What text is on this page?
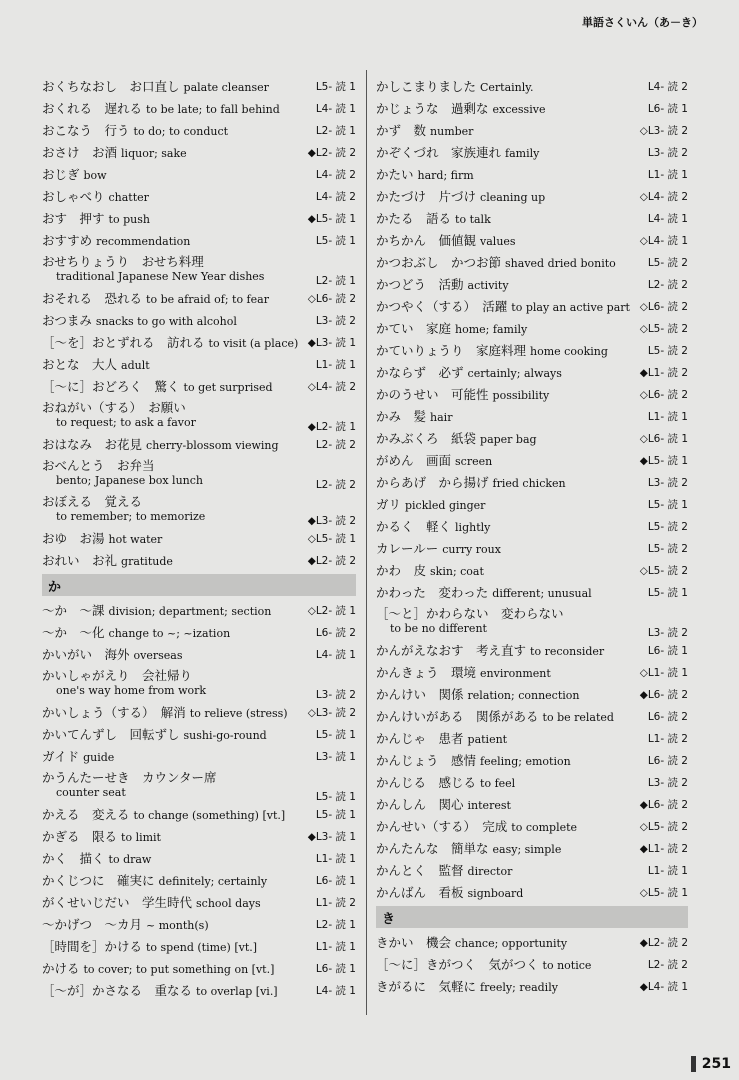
単語さくいん（あ－き）
おくちなおし　 お口直し palate cleanser	L5- 読 1
おくれる　 遅れる to be late; to fall behind	L4- 読 1
おこなう　 行う to do; to conduct	L2- 読 1
おさけ　 お酒 liquor; sake	◆L2- 読 2
おじぎ bow	L4- 読 2
おしゃべり chatter	L4- 読 2
おす　 押す to push	◆L5- 読 1
おすすめ recommendation	L5- 読 1
おせちりょうり　 おせち料理
traditional Japanese New Year dishes	L2- 読 1
おそれる　 恐れる to be afraid of; to fear	◇L6- 読 2
おつまみ snacks to go with alcohol	L3- 読 2
［～を］おとずれる　 訪れる to visit (a place) ◆L3- 読 1
おとな　 大人 adult	L1- 読 1
［～に］おどろく　 驚く to get surprised	◇L4- 読 2
おねがい（する）　 お願い
to request; to ask a favor	◆L2- 読 1
おはなみ　 お花見 cherry-blossom viewing	L2- 読 2
おべんとう　 お弁当
bento; Japanese box lunch	L2- 読 2
おぼえる　 覚える
to remember; to memorize	◆L3- 読 2
おゆ　 お湯 hot water	◇L5- 読 1
おれい　 お礼 gratitude	◆L2- 読 2
か
～か　 ～課 division; department; section	◇L2- 読 1
～か　 ～化 change to ~; ~ization	L6- 読 2
かいがい　 海外 overseas	L4- 読 1
かいしゃがえり　 会社帰り
one's way home from work	L3- 読 2
かいしょう（する）　 解消 to relieve (stress)	◇L3- 読 2
かいてんずし　 回転ずし sushi-go-round	L5- 読 1
ガイド guide	L3- 読 1
かうんたーせき　 カウンター席
counter seat	L5- 読 1
かえる　 変える to change (something) [vt.]	L5- 読 1
かぎる　 限る to limit	◆L3- 読 1
かく　 描く to draw	L1- 読 1
かくじつに　 確実に definitely; certainly	L6- 読 1
がくせいじだい　 学生時代 school days	L1- 読 2
～かげつ　 ～カ月 ~ month(s)	L2- 読 1
［時間を］かける to spend (time) [vt.]	L1- 読 1
かける to cover; to put something on [vt.]	L6- 読 1
［～が］かさなる　 重なる to overlap [vi.]	L4- 読 1
かしこまりました Certainly.	L4- 読 2
かじょうな　 過剰な excessive	L6- 読 1
かず　 数 number	◇L3- 読 2
かぞくづれ　 家族連れ family	L3- 読 2
かたい hard; firm	L1- 読 1
かたづけ　 片づけ cleaning up	◇L4- 読 2
かたる　 語る to talk	L4- 読 1
かちかん　 価値観 values	◇L4- 読 1
かつおぶし　 かつお節 shaved dried bonito	L5- 読 2
かつどう　 活動 activity	L2- 読 2
かつやく（する）　 活躍 to play an active part ◇L6- 読 2
かてい　 家庭 home; family	◇L5- 読 2
かていりょうり　 家庭料理 home cooking	L5- 読 2
かならず　 必ず certainly; always	◆L1- 読 2
かのうせい　 可能性 possibility	◇L6- 読 2
かみ　 髪 hair	L1- 読 1
かみぶくろ　 紙袋 paper bag	◇L6- 読 1
がめん　 画面 screen	◆L5- 読 1
からあげ　 から揚げ fried chicken	L3- 読 2
ガリ pickled ginger	L5- 読 1
かるく　 軽く lightly	L5- 読 2
カレールー curry roux	L5- 読 2
かわ　 皮 skin; coat	◇L5- 読 2
かわった　 変わった different; unusual	L5- 読 1
［～と］かわらない　 変わらない
to be no different	L3- 読 2
かんがえなおす　 考え直す to reconsider	L6- 読 1
かんきょう　 環境 environment	◇L1- 読 1
かんけい　 関係 relation; connection	◆L6- 読 2
かんけいがある　 関係がある to be related	L6- 読 2
かんじゃ　 患者 patient	L1- 読 2
かんじょう　 感情 feeling; emotion	L6- 読 2
かんじる　 感じる to feel	L3- 読 2
かんしん　 関心 interest	◆L6- 読 2
かんせい（する）　 完成 to complete	◇L5- 読 2
かんたんな　 簡単な easy; simple	◆L1- 読 2
かんとく　 監督 director	L1- 読 1
かんばん　 看板 signboard	◇L5- 読 1
き
きかい　 機会 chance; opportunity	◆L2- 読 2
［～に］きがつく　 気がつく to notice	L2- 読 2
きがるに　 気軽に freely; readily	◆L4- 読 1
251
